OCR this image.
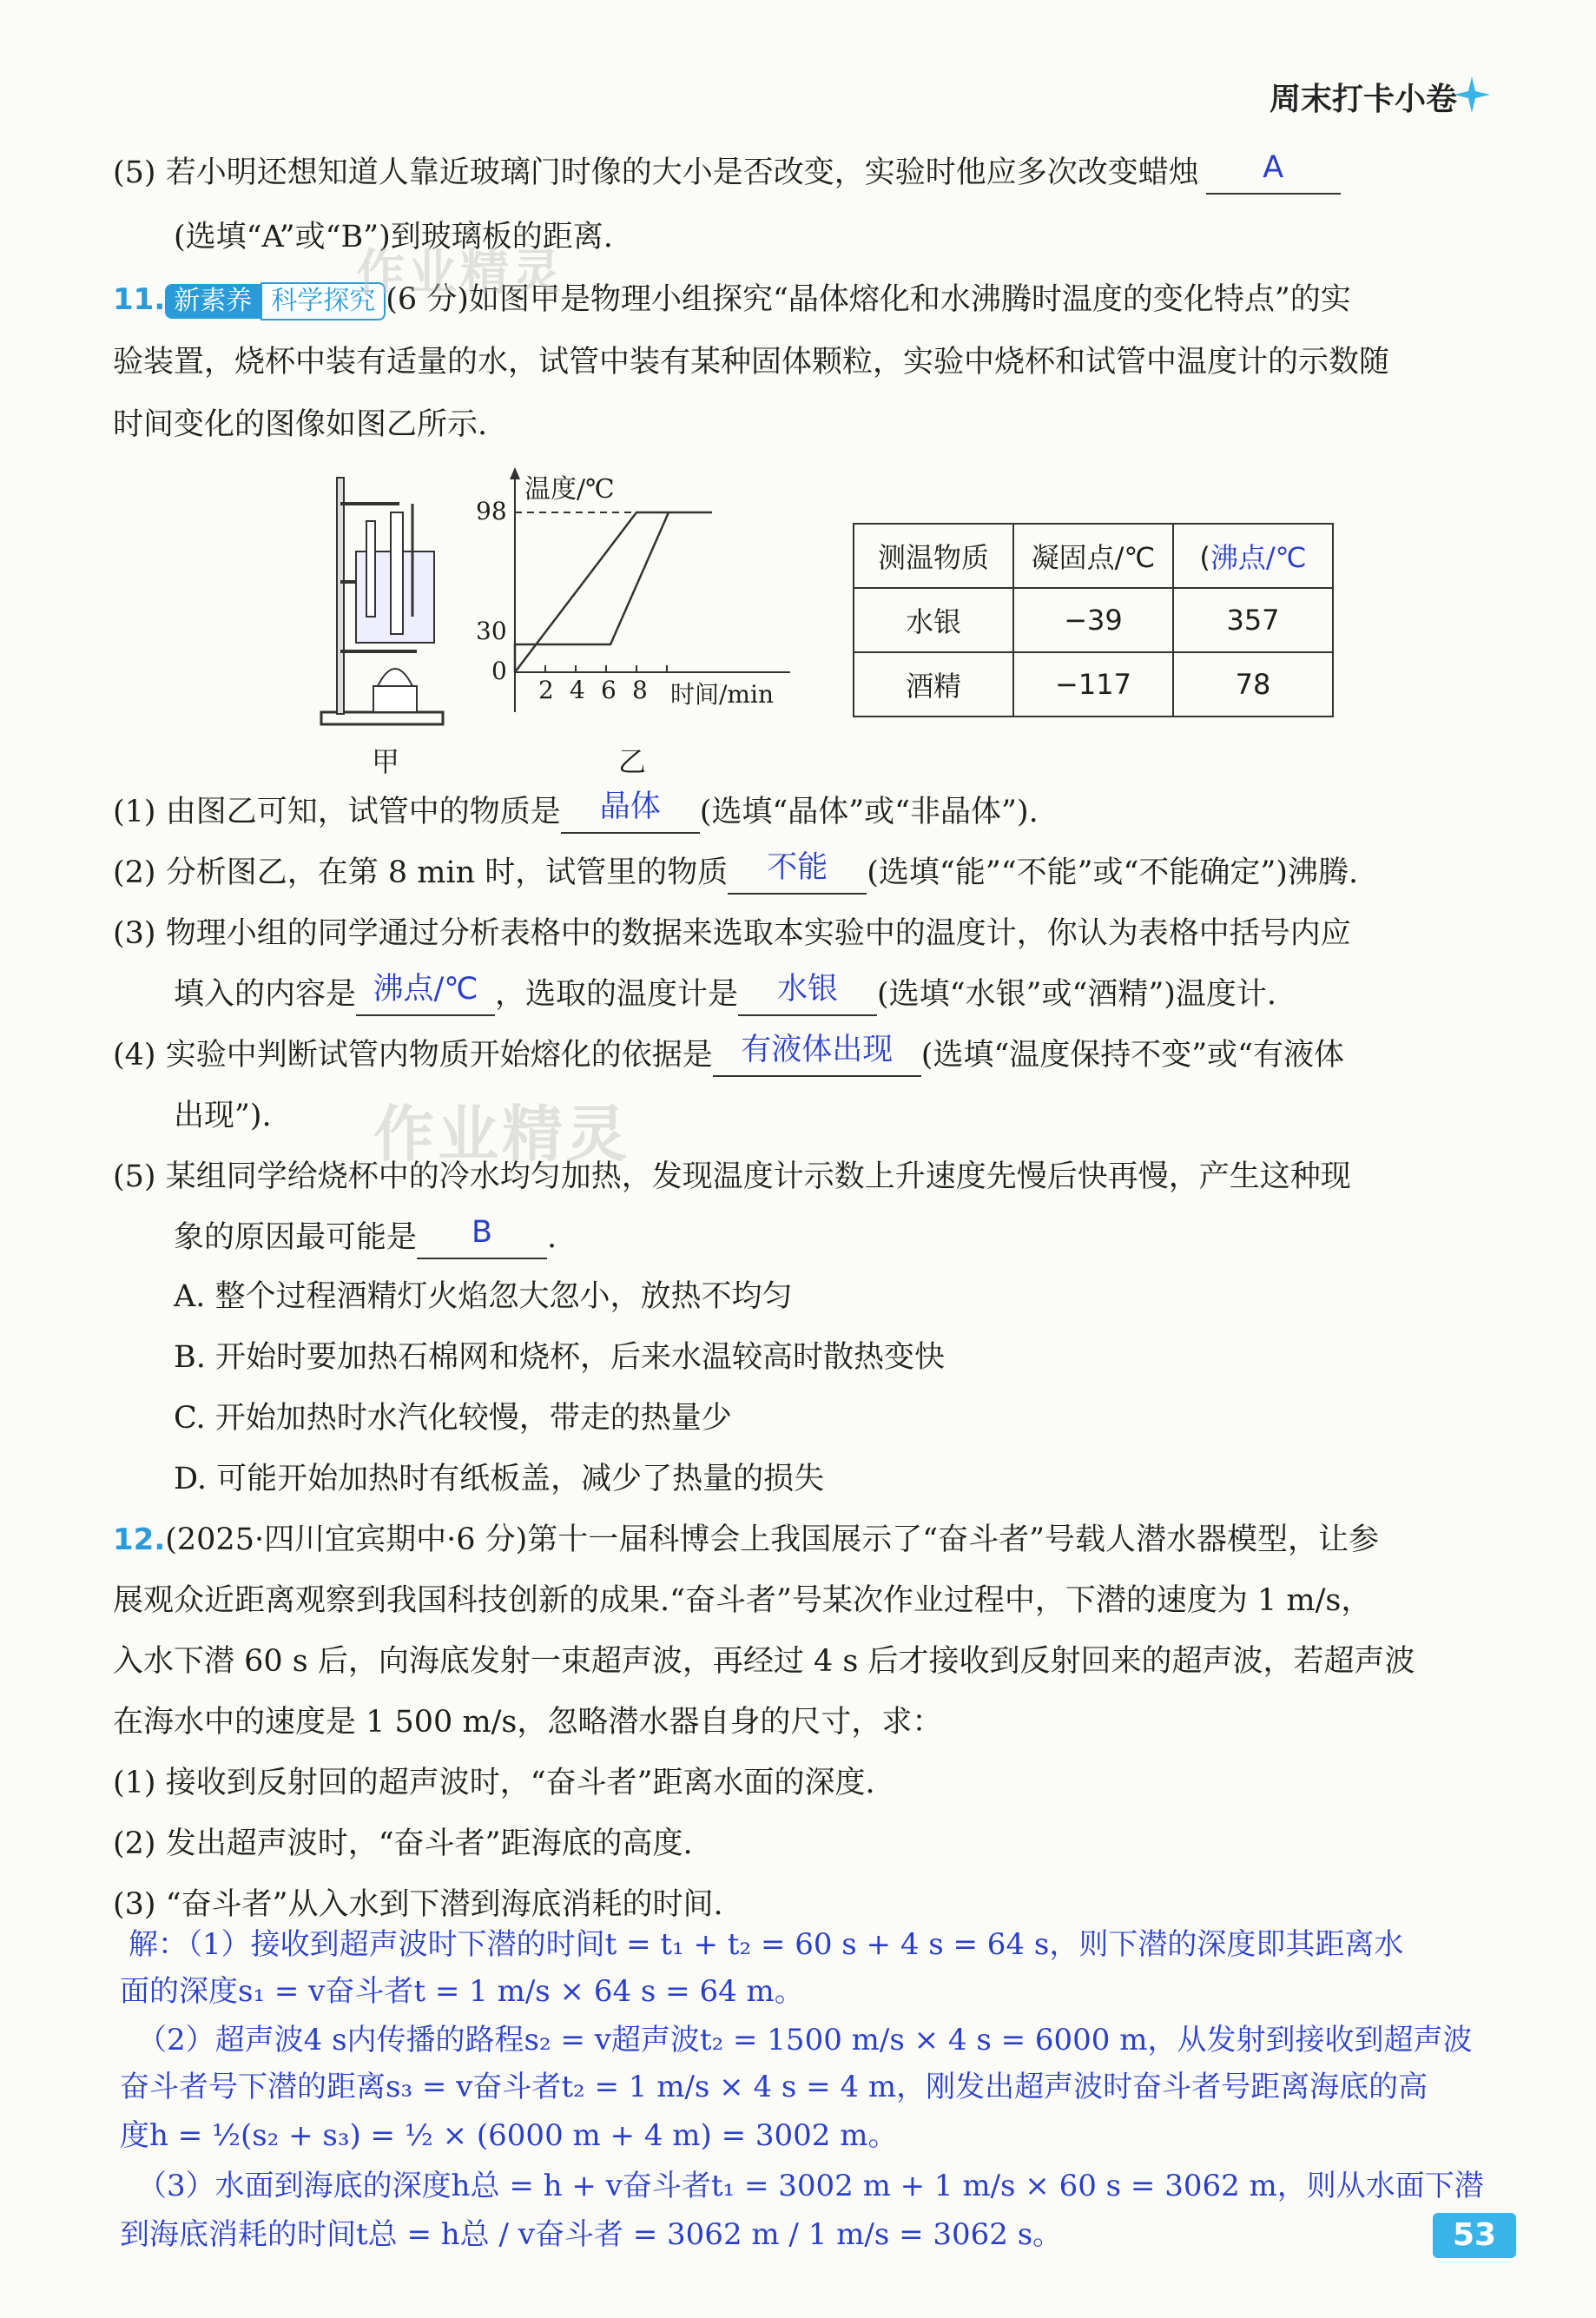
周末打卡小卷
(5) 若小明还想知道人靠近玻璃门时像的大小是否改变，实验时他应多次改变蜡烛 A
(选填“A”或“B”)到玻璃板的距离.
11. 新素养 科学探究 (6 分)如图甲是物理小组探究“晶体熔化和水沸腾时温度的变化特点”的实
验装置，烧杯中装有适量的水，试管中装有某种固体颗粒，实验中烧杯和试管中温度计的示数随
时间变化的图像如图乙所示.
甲
温度/℃
98
30
0
2 4 6 8 时间/min
乙
测温物质	凝固点/℃	(沸点/℃
水银	−39	357
酒精	−117	78
(1) 由图乙可知，试管中的物质是 晶体 (选填“晶体”或“非晶体”).
(2) 分析图乙，在第 8 min 时，试管里的物质 不能 (选填“能”“不能”或“不能确定”)沸腾.
(3) 物理小组的同学通过分析表格中的数据来选取本实验中的温度计，你认为表格中括号内应
填入的内容是 沸点/℃ ，选取的温度计是 水银 (选填“水银”或“酒精”)温度计.
(4) 实验中判断试管内物质开始熔化的依据是 有液体出现 (选填“温度保持不变”或“有液体
出现”).
(5) 某组同学给烧杯中的冷水均匀加热，发现温度计示数上升速度先慢后快再慢，产生这种现
象的原因最可能是 B .
A. 整个过程酒精灯火焰忽大忽小，放热不均匀
B. 开始时要加热石棉网和烧杯，后来水温较高时散热变快
C. 开始加热时水汽化较慢，带走的热量少
D. 可能开始加热时有纸板盖，减少了热量的损失
12.(2025·四川宜宾期中·6 分)第十一届科博会上我国展示了“奋斗者”号载人潜水器模型，让参
展观众近距离观察到我国科技创新的成果.“奋斗者”号某次作业过程中，下潜的速度为 1 m/s，
入水下潜 60 s 后，向海底发射一束超声波，再经过 4 s 后才接收到反射回来的超声波，若超声波
在海水中的速度是 1 500 m/s，忽略潜水器自身的尺寸，求：
(1) 接收到反射回的超声波时，“奋斗者”距离水面的深度.
(2) 发出超声波时，“奋斗者”距海底的高度.
(3) “奋斗者”从入水到下潜到海底消耗的时间.
解：（1）接收到超声波时下潜的时间t = t₁ + t₂ = 60 s + 4 s = 64 s，则下潜的深度即其距离水
面的深度s₁ = v奋斗者t = 1 m/s × 64 s = 64 m。
（2）超声波4 s内传播的路程s₂ = v超声波t₂ = 1500 m/s × 4 s = 6000 m，从发射到接收到超声波
奋斗者号下潜的距离s₃ = v奋斗者t₂ = 1 m/s × 4 s = 4 m，刚发出超声波时奋斗者号距离海底的高
度h = ½(s₂ + s₃) = ½ × (6000 m + 4 m) = 3002 m。
（3）水面到海底的深度h总 = h + v奋斗者t₁ = 3002 m + 1 m/s × 60 s = 3062 m，则从水面下潜
到海底消耗的时间t总 = h总 / v奋斗者 = 3062 m / 1 m/s = 3062 s。
作业精灵
作业精灵
53
